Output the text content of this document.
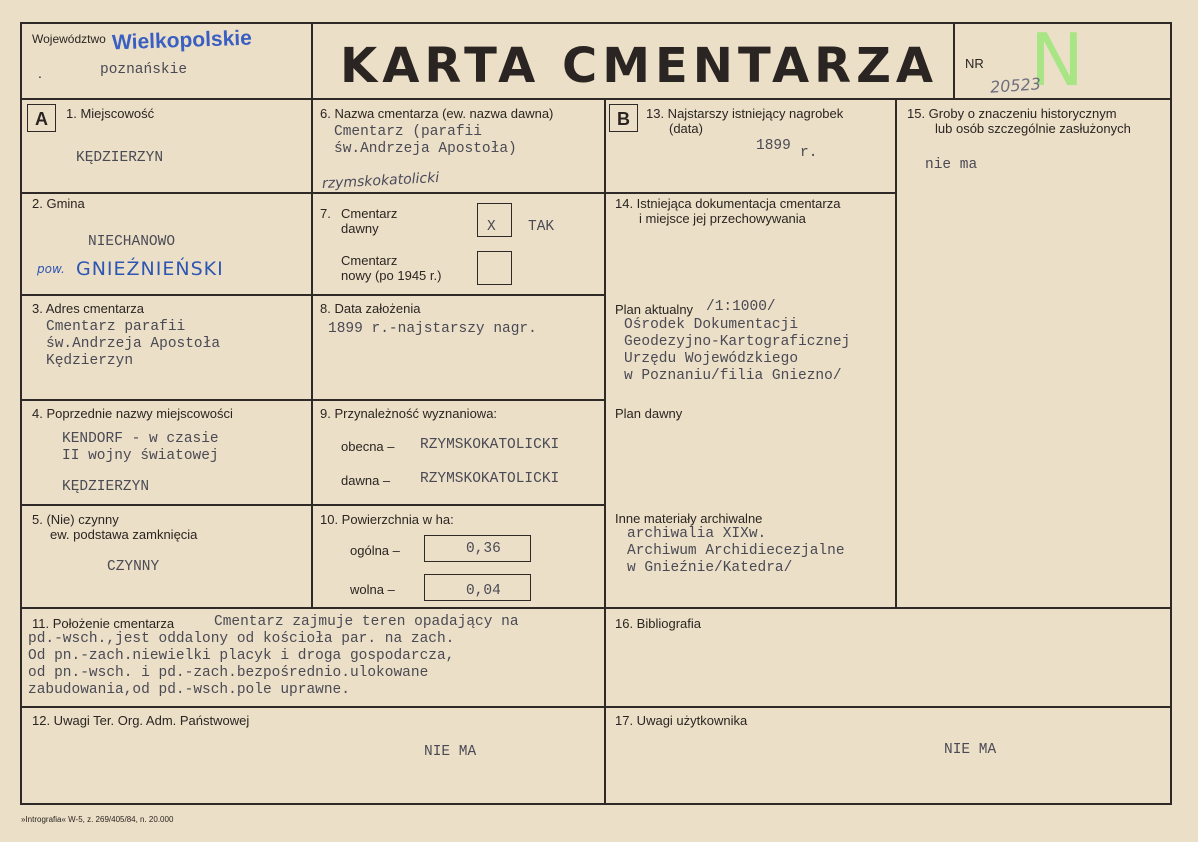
Województwo Wielkopolskie
poznańskie
.	KARTA CMENTARZA NR N
20523
A 1. Miejscowość
KĘDZIERZYN
2. Gmina
NIECHANOWO
pow. GNIEŹNIEŃSKI
3. Adres cmentarza
Cmentarz parafii
św.Andrzeja Apostoła
Kędzierzyn
4. Poprzednie nazwy miejscowości
KENDORF - w czasie
II wojny światowej
KĘDZIERZYN
5. (Nie) czynny
ew. podstawa zamknięcia
CZYNNY
6. Nazwa cmentarza (ew. nazwa dawna)
Cmentarz (parafii
św.Andrzeja Apostoła)
rzymskokatolicki
7. Cmentarz
dawny	X TAK
Cmentarz
nowy (po 1945 r.)
8. Data założenia
1899 r.-najstarszy nagr.
9. Przynależność wyznaniowa:
obecna – RZYMSKOKATOLICKI
dawna – RZYMSKOKATOLICKI
10. Powierzchnia w ha:
ogólna –	0,36
wolna –	0,04
B 13. Najstarszy istniejący nagrobek
(data)
1899 r.
14. Istniejąca dokumentacja cmentarza
i miejsce jej przechowywania
Plan aktualny /1:1000/
Ośrodek Dokumentacji
Geodezyjno-Kartograficznej
Urzędu Wojewódzkiego
w Poznaniu/filia Gniezno/
Plan dawny
Inne materiały archiwalne
archiwalia XIXw.
Archiwum Archidiecezjalne
w Gnieźnie/Katedra/
15. Groby o znaczeniu historycznym
lub osób szczególnie zasłużonych
nie ma
11. Położenie cmentarza	Cmentarz zajmuje teren opadający na
pd.-wsch.,jest oddalony od kościoła par. na zach.
Od pn.-zach.niewielki placyk i droga gospodarcza,
od pn.-wsch. i pd.-zach.bezpośrednio.ulokowane
zabudowania,od pd.-wsch.pole uprawne.
16. Bibliografia
12. Uwagi Ter. Org. Adm. Państwowej
NIE MA
17. Uwagi użytkownika
NIE MA
»Intrografia« W-5, z. 269/405/84, n. 20.000
